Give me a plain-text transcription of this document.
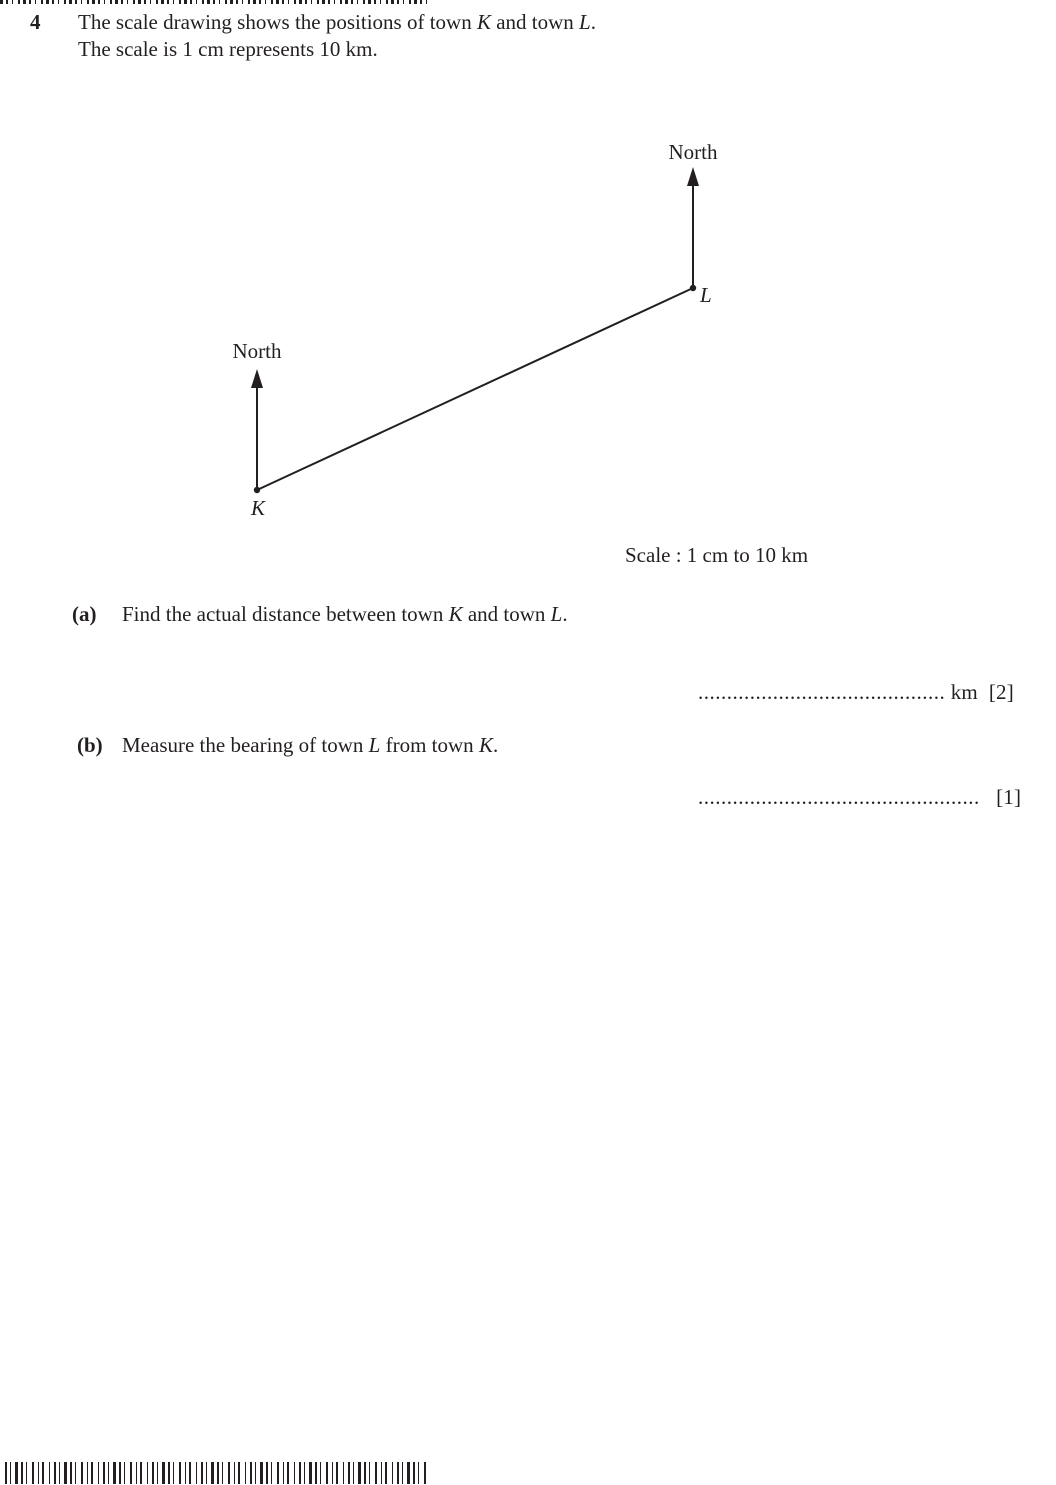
4 The scale drawing shows the positions of town K and town L.
The scale is 1 cm represents 10 km.
North
North
L
K
Scale : 1 cm to 10 km
(a) Find the actual distance between town K and town L.
........................................... km [2]
(b) Measure the bearing of town L from town K.
................................................. [1]
